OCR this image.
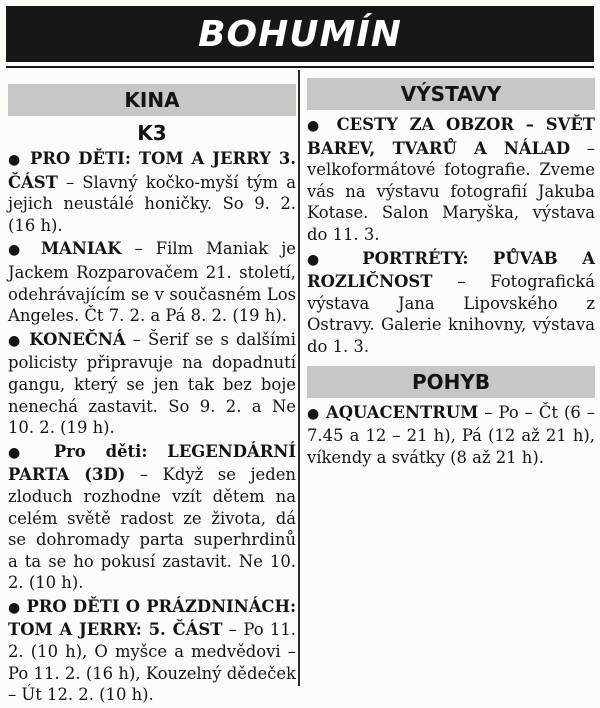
BOHUMÍN
KINA
K3

● PRO DĚTI: TOM A JERRY 3. ČÁST – Slavný kočko-myší tým a jejich neustálé honičky. So 9. 2. (16 h).

● MANIAK – Film Maniak je Jackem Rozparovačem 21. století, odehrávajícím se v současném Los Angeles. Čt 7. 2. a Pá 8. 2. (19 h).

● KONEČNÁ – Šerif se s dalšími policisty připravuje na dopadnutí gangu, který se jen tak bez boje nenechá zastavit. So 9. 2. a Ne 10. 2. (19 h).

● Pro děti: LEGENDÁRNÍ PARTA (3D) – Když se jeden zloduch rozhodne vzít dětem na celém světě radost ze života, dá se dohromady parta superhrdinů a ta se ho pokusí zastavit. Ne 10. 2. (10 h).

● PRO DĚTI O PRÁZDNINÁCH: TOM A JERRY: 5. ČÁST – Po 11. 2. (10 h), O myšce a medvědovi – Po 11. 2. (16 h), Kouzelný dědeček – Út 12. 2. (10 h).

VÝSTAVY

● CESTY ZA OBZOR – SVĚT BAREV, TVARŮ A NÁLAD – velkoformátové fotografie. Zveme vás na výstavu fotografií Jakuba Kotase. Salon Maryška, výstava do 11. 3.

● PORTRÉTY: PŮVAB A ROZLIČNOST – Fotografická výstava Jana Lipovského z Ostravy. Galerie knihovny, výstava do 1. 3.

POHYB

● AQUACENTRUM – Po – Čt (6 – 7.45 a 12 – 21 h), Pá (12 až 21 h), víkendy a svátky (8 až 21 h).
